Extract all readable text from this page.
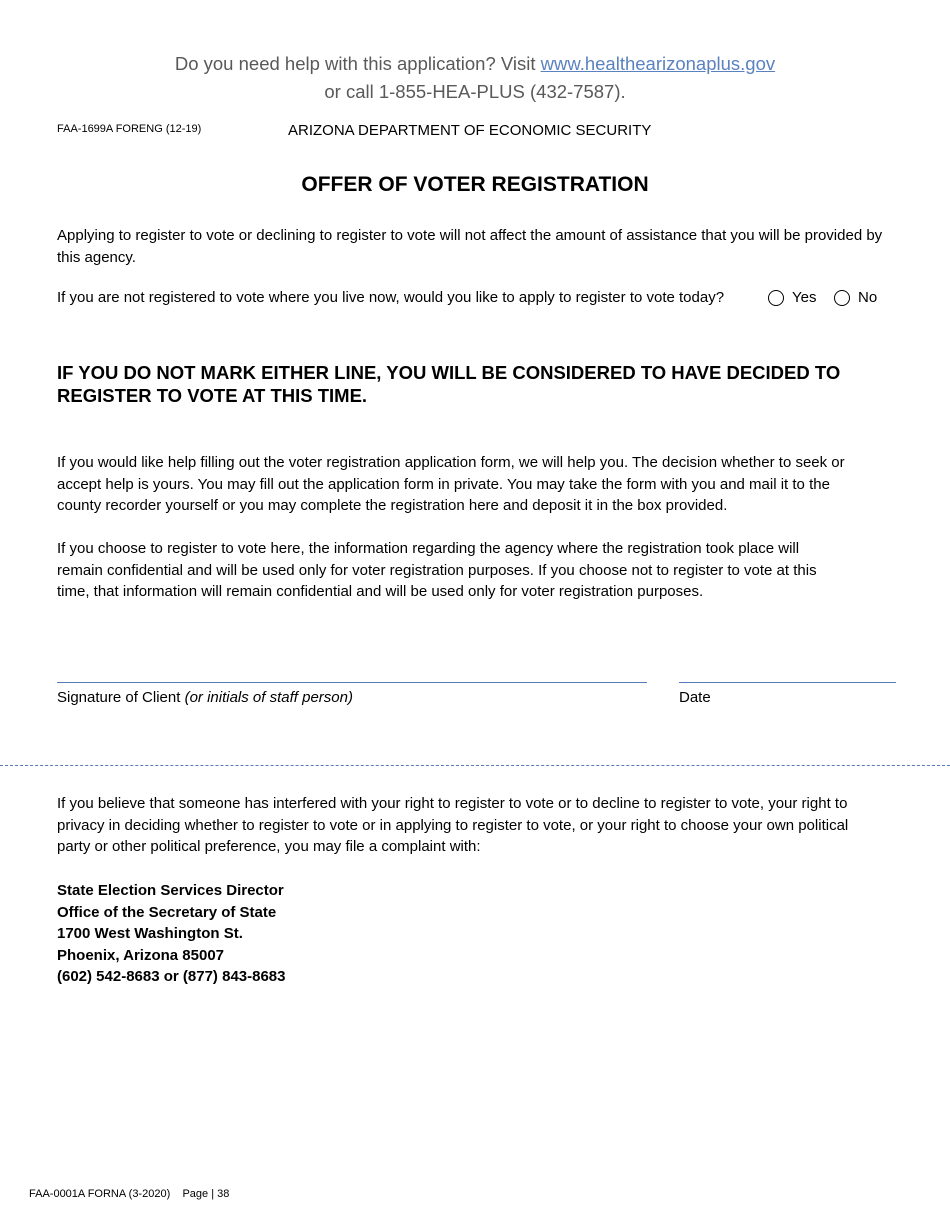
Do you need help with this application? Visit www.healthearizonaplus.gov
or call 1-855-HEA-PLUS (432-7587).
FAA-1699A FORENG (12-19)	ARIZONA DEPARTMENT OF ECONOMIC SECURITY
OFFER OF VOTER REGISTRATION
Applying to register to vote or declining to register to vote will not affect the amount of assistance that you will be provided by this agency.
If you are not registered to vote where you live now, would you like to apply to register to vote today?	Yes	No
IF YOU DO NOT MARK EITHER LINE, YOU WILL BE CONSIDERED TO HAVE DECIDED TO REGISTER TO VOTE AT THIS TIME.
If you would like help filling out the voter registration application form, we will help you. The decision whether to seek or accept help is yours. You may fill out the application form in private. You may take the form with you and mail it to the county recorder yourself or you may complete the registration here and deposit it in the box provided.
If you choose to register to vote here, the information regarding the agency where the registration took place will remain confidential and will be used only for voter registration purposes. If you choose not to register to vote at this time, that information will remain confidential and will be used only for voter registration purposes.
Signature of Client (or initials of staff person)	Date
If you believe that someone has interfered with your right to register to vote or to decline to register to vote, your right to privacy in deciding whether to register to vote or in applying to register to vote, or your right to choose your own political party or other political preference, you may file a complaint with:
State Election Services Director
Office of the Secretary of State
1700 West Washington St.
Phoenix, Arizona 85007
(602) 542-8683 or (877) 843-8683
FAA-0001A FORNA (3-2020)    Page | 38
